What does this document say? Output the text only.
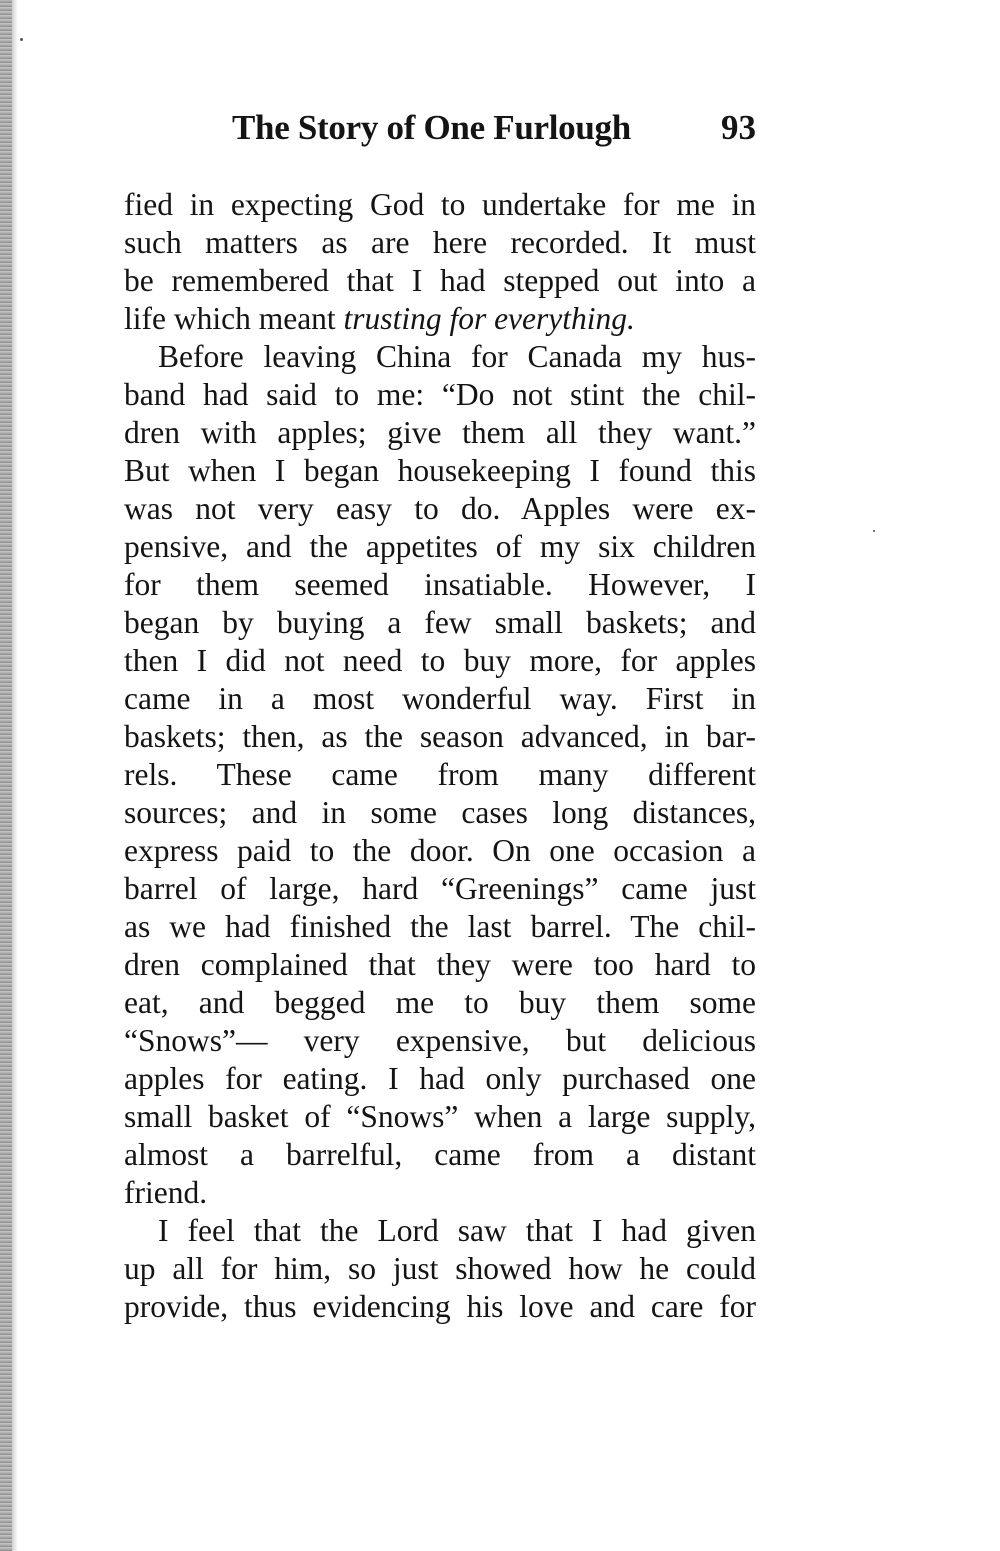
The Story of One Furlough	93

fied in expecting God to undertake for me in
such matters as are here recorded. It must
be remembered that I had stepped out into a
life which meant trusting for everything.

Before leaving China for Canada my hus-
band had said to me: “Do not stint the chil-
dren with apples; give them all they want.”
But when I began housekeeping I found this
was not very easy to do. Apples were ex-
pensive, and the appetites of my six children
for them seemed insatiable. However, I
began by buying a few small baskets; and
then I did not need to buy more, for apples
came in a most wonderful way. First in
baskets; then, as the season advanced, in bar-
rels. These came from many different
sources; and in some cases long distances,
express paid to the door. On one occasion a
barrel of large, hard “Greenings” came just
as we had finished the last barrel. The chil-
dren complained that they were too hard to
eat, and begged me to buy them some
“Snows”— very expensive, but delicious
apples for eating. I had only purchased one
small basket of “Snows” when a large supply,
almost a barrelful, came from a distant
friend.

I feel that the Lord saw that I had given
up all for him, so just showed how he could
provide, thus evidencing his love and care for
